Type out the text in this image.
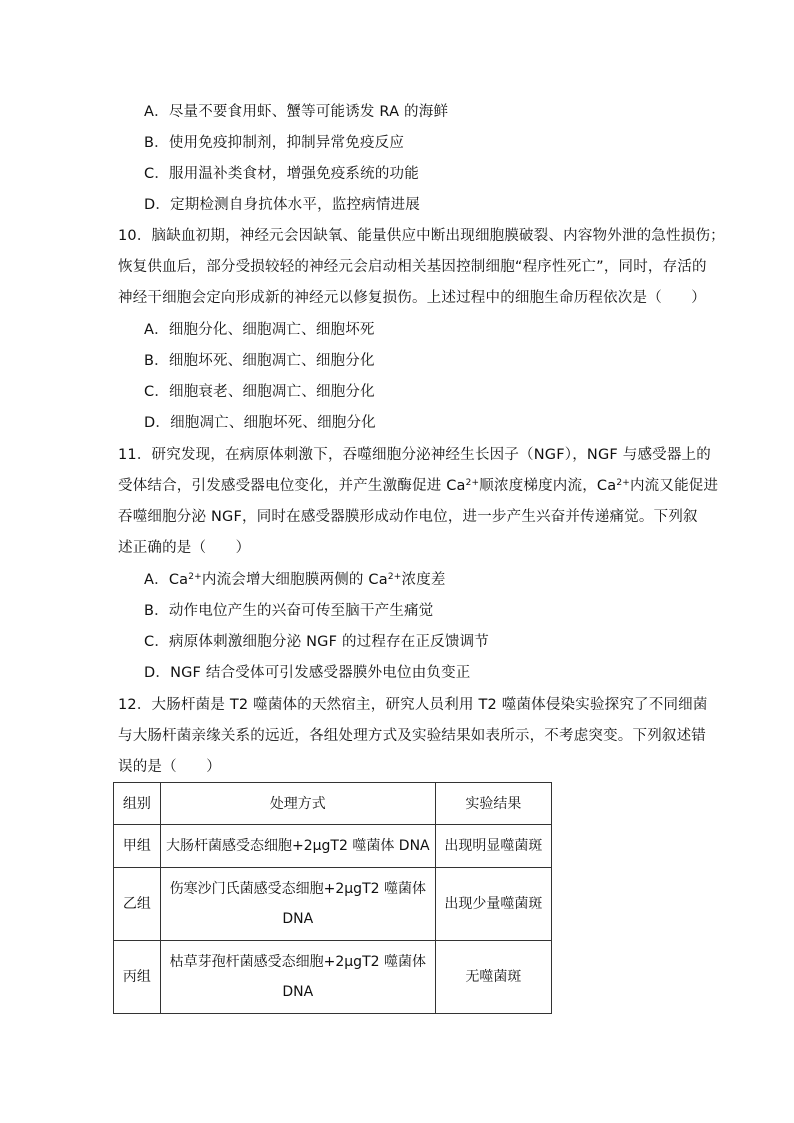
A．尽量不要食用虾、蟹等可能诱发 RA 的海鲜
B．使用免疫抑制剂，抑制异常免疫反应
C．服用温补类食材，增强免疫系统的功能
D．定期检测自身抗体水平，监控病情进展
10．脑缺血初期，神经元会因缺氧、能量供应中断出现细胞膜破裂、内容物外泄的急性损伤；
恢复供血后，部分受损较轻的神经元会启动相关基因控制细胞“程序性死亡”，同时，存活的
神经干细胞会定向形成新的神经元以修复损伤。上述过程中的细胞生命历程依次是（　　）
A．细胞分化、细胞凋亡、细胞坏死
B．细胞坏死、细胞凋亡、细胞分化
C．细胞衰老、细胞凋亡、细胞分化
D．细胞凋亡、细胞坏死、细胞分化
11．研究发现，在病原体刺激下，吞噬细胞分泌神经生长因子（NGF），NGF 与感受器上的
受体结合，引发感受器电位变化，并产生激酶促进 $Ca^{2+}$顺浓度梯度内流，$Ca^{2+}$内流又能促进
吞噬细胞分泌 NGF，同时在感受器膜形成动作电位，进一步产生兴奋并传递痛觉。下列叙
述正确的是（　　）
A．$Ca^{2+}$内流会增大细胞膜两侧的 $Ca^{2+}$浓度差
B．动作电位产生的兴奋可传至脑干产生痛觉
C．病原体刺激细胞分泌 NGF 的过程存在正反馈调节
D．NGF 结合受体可引发感受器膜外电位由负变正
12．大肠杆菌是 T2 噬菌体的天然宿主，研究人员利用 T2 噬菌体侵染实验探究了不同细菌
与大肠杆菌亲缘关系的远近，各组处理方式及实验结果如表所示，不考虑突变。下列叙述错
误的是（　　）
组别	处理方式	实验结果
甲组	大肠杆菌感受态细胞+2μgT2 噬菌体 DNA	出现明显噬菌斑
乙组	伤寒沙门氏菌感受态细胞+2μgT2 噬菌体
DNA	出现少量噬菌斑
丙组	枯草芽孢杆菌感受态细胞+2μgT2 噬菌体
DNA	无噬菌斑
